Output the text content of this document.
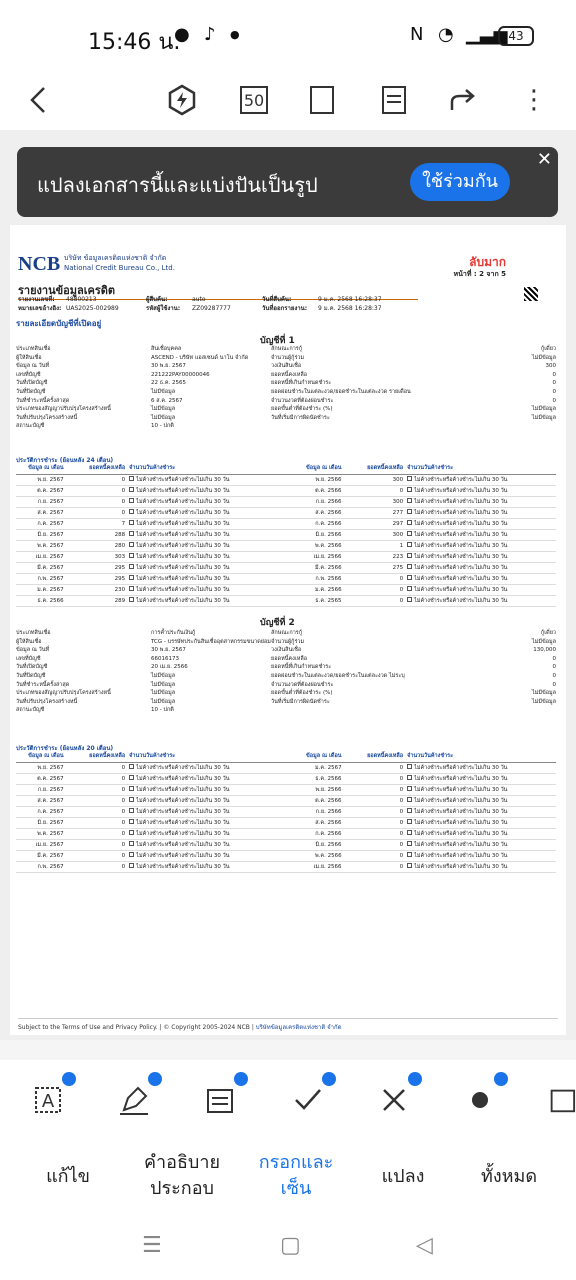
15:46 น.
● ♪ ●	N ◔ ▁▃▅ 43
50	⋮
NCB บริษัท ข้อมูลเครดิตแห่งชาติ จำกัด
National Credit Bureau Co., Ltd.	ลับมาก
หน้าที่ : 2 จาก 5
รายงานข้อมูลเครดิต
รายงานเลขที่:	48800213	ผู้สืบค้น:	auto	วันที่สืบค้น:	9 ม.ค. 2568 16:28:37
หมายเลขอ้างอิง: UAS2025-002989	รหัสผู้ใช้งาน:	ZZ09287777	วันที่ออกรายงาน:	9 ม.ค. 2568 16:28:37
รายละเอียดบัญชีที่เปิดอยู่
บัญชีที่ 1
ประเภทสินเชื่อ	สินเชื่อบุคคล	ลักษณะการกู้	กู้เดี่ยว
ผู้ให้สินเชื่อ	ASCEND - บริษัท แอสเซนด์ นาโน จำกัด	จำนวนผู้กู้ร่วม	ไม่มีข้อมูล
ข้อมูล ณ วันที่	30 พ.ย. 2567	วงเงินสินเชื่อ	300
เลขที่บัญชี	221222PAY00000046	ยอดหนี้คงเหลือ	0
วันที่เปิดบัญชี	22 ธ.ค. 2565	ยอดหนี้ที่เกินกำหนดชำระ	0
วันที่ปิดบัญชี	ไม่มีข้อมูล	ยอดผ่อนชำระในแต่ละงวด/ยอดชำระในแต่ละงวด รายเดือน	0
วันที่ชำระหนี้ครั้งล่าสุด	6 ส.ค. 2567	จำนวนงวดที่ต้องผ่อนชำระ	0
ประเภทของสัญญาปรับปรุงโครงสร้างหนี้	ไม่มีข้อมูล	ยอดขั้นต่ำที่ต้องชำระ (%)	ไม่มีข้อมูล
วันที่ปรับปรุงโครงสร้างหนี้	ไม่มีข้อมูล	วันที่เริ่มมีการผิดนัดชำระ	ไม่มีข้อมูล
สถานะบัญชี	10 - ปกติ
ประวัติการชำระ (ย้อนหลัง 24 เดือน)
ข้อมูล ณ เดือน	ยอดหนี้คงเหลือ จำนวนวันค้างชำระ	ข้อมูล ณ เดือน	ยอดหนี้คงเหลือ จำนวนวันค้างชำระ
พ.ย. 2567	0	ไม่ค้างชำระหรือค้างชำระไม่เกิน 30 วัน	พ.ย. 2566	300	ไม่ค้างชำระหรือค้างชำระไม่เกิน 30 วัน
ต.ค. 2567	0	ไม่ค้างชำระหรือค้างชำระไม่เกิน 30 วัน	ต.ค. 2566	0	ไม่ค้างชำระหรือค้างชำระไม่เกิน 30 วัน
ก.ย. 2567	0	ไม่ค้างชำระหรือค้างชำระไม่เกิน 30 วัน	ก.ย. 2566	300	ไม่ค้างชำระหรือค้างชำระไม่เกิน 30 วัน
ส.ค. 2567	0	ไม่ค้างชำระหรือค้างชำระไม่เกิน 30 วัน	ส.ค. 2566	277	ไม่ค้างชำระหรือค้างชำระไม่เกิน 30 วัน
ก.ค. 2567	7	ไม่ค้างชำระหรือค้างชำระไม่เกิน 30 วัน	ก.ค. 2566	297	ไม่ค้างชำระหรือค้างชำระไม่เกิน 30 วัน
มิ.ย. 2567	288	ไม่ค้างชำระหรือค้างชำระไม่เกิน 30 วัน	มิ.ย. 2566	300	ไม่ค้างชำระหรือค้างชำระไม่เกิน 30 วัน
พ.ค. 2567	280	ไม่ค้างชำระหรือค้างชำระไม่เกิน 30 วัน	พ.ค. 2566	1	ไม่ค้างชำระหรือค้างชำระไม่เกิน 30 วัน
เม.ย. 2567	303	ไม่ค้างชำระหรือค้างชำระไม่เกิน 30 วัน	เม.ย. 2566	223	ไม่ค้างชำระหรือค้างชำระไม่เกิน 30 วัน
มี.ค. 2567	295	ไม่ค้างชำระหรือค้างชำระไม่เกิน 30 วัน	มี.ค. 2566	275	ไม่ค้างชำระหรือค้างชำระไม่เกิน 30 วัน
ก.พ. 2567	295	ไม่ค้างชำระหรือค้างชำระไม่เกิน 30 วัน	ก.พ. 2566	0	ไม่ค้างชำระหรือค้างชำระไม่เกิน 30 วัน
ม.ค. 2567	230	ไม่ค้างชำระหรือค้างชำระไม่เกิน 30 วัน	ม.ค. 2566	0	ไม่ค้างชำระหรือค้างชำระไม่เกิน 30 วัน
ธ.ค. 2566	289	ไม่ค้างชำระหรือค้างชำระไม่เกิน 30 วัน	ธ.ค. 2565	0	ไม่ค้างชำระหรือค้างชำระไม่เกิน 30 วัน
บัญชีที่ 2
ประเภทสินเชื่อ	การค้ำประกันเงินกู้	ลักษณะการกู้	กู้เดี่ยว
ผู้ให้สินเชื่อ	TCG - บรรษัทประกันสินเชื่ออุตสาหกรรมขนาดย่อม จำนวนผู้กู้ร่วม	ไม่มีข้อมูล
ข้อมูล ณ วันที่	30 พ.ย. 2567	วงเงินสินเชื่อ	130,000
เลขที่บัญชี	66016173	ยอดหนี้คงเหลือ	0
วันที่เปิดบัญชี	20 เม.ย. 2566	ยอดหนี้ที่เกินกำหนดชำระ	0
วันที่ปิดบัญชี	ไม่มีข้อมูล	ยอดผ่อนชำระในแต่ละงวด/ยอดชำระในแต่ละงวด ไม่ระบุ	0
วันที่ชำระหนี้ครั้งล่าสุด	ไม่มีข้อมูล	จำนวนงวดที่ต้องผ่อนชำระ	0
ประเภทของสัญญาปรับปรุงโครงสร้างหนี้	ไม่มีข้อมูล	ยอดขั้นต่ำที่ต้องชำระ (%)	ไม่มีข้อมูล
วันที่ปรับปรุงโครงสร้างหนี้	ไม่มีข้อมูล	วันที่เริ่มมีการผิดนัดชำระ	ไม่มีข้อมูล
สถานะบัญชี	10 - ปกติ
ประวัติการชำระ (ย้อนหลัง 20 เดือน)
ข้อมูล ณ เดือน	ยอดหนี้คงเหลือ จำนวนวันค้างชำระ	ข้อมูล ณ เดือน	ยอดหนี้คงเหลือ จำนวนวันค้างชำระ
พ.ย. 2567	0	ไม่ค้างชำระหรือค้างชำระไม่เกิน 30 วัน	ม.ค. 2567	0	ไม่ค้างชำระหรือค้างชำระไม่เกิน 30 วัน
ต.ค. 2567	0	ไม่ค้างชำระหรือค้างชำระไม่เกิน 30 วัน	ธ.ค. 2566	0	ไม่ค้างชำระหรือค้างชำระไม่เกิน 30 วัน
ก.ย. 2567	0	ไม่ค้างชำระหรือค้างชำระไม่เกิน 30 วัน	พ.ย. 2566	0	ไม่ค้างชำระหรือค้างชำระไม่เกิน 30 วัน
ส.ค. 2567	0	ไม่ค้างชำระหรือค้างชำระไม่เกิน 30 วัน	ต.ค. 2566	0	ไม่ค้างชำระหรือค้างชำระไม่เกิน 30 วัน
ก.ค. 2567	0	ไม่ค้างชำระหรือค้างชำระไม่เกิน 30 วัน	ก.ย. 2566	0	ไม่ค้างชำระหรือค้างชำระไม่เกิน 30 วัน
มิ.ย. 2567	0	ไม่ค้างชำระหรือค้างชำระไม่เกิน 30 วัน	ส.ค. 2566	0	ไม่ค้างชำระหรือค้างชำระไม่เกิน 30 วัน
พ.ค. 2567	0	ไม่ค้างชำระหรือค้างชำระไม่เกิน 30 วัน	ก.ค. 2566	0	ไม่ค้างชำระหรือค้างชำระไม่เกิน 30 วัน
เม.ย. 2567	0	ไม่ค้างชำระหรือค้างชำระไม่เกิน 30 วัน	มิ.ย. 2566	0	ไม่ค้างชำระหรือค้างชำระไม่เกิน 30 วัน
มี.ค. 2567	0	ไม่ค้างชำระหรือค้างชำระไม่เกิน 30 วัน	พ.ค. 2566	0	ไม่ค้างชำระหรือค้างชำระไม่เกิน 30 วัน
ก.พ. 2567	0	ไม่ค้างชำระหรือค้างชำระไม่เกิน 30 วัน	เม.ย. 2566	0	ไม่ค้างชำระหรือค้างชำระไม่เกิน 30 วัน
Subject to the Terms of Use and Privacy Policy. | © Copyright 2005-2024 NCB | บริษัทข้อมูลเครดิตแห่งชาติ จำกัด
แปลงเอกสารนี้และแบ่งปันเป็นรูป	ใช้ร่วมกัน
✕
A
แก้ไข
คำอธิบาย
ประกอบ
กรอกและ
เซ็น
แปลง	ทั้งหมด
☰	▢	◁
